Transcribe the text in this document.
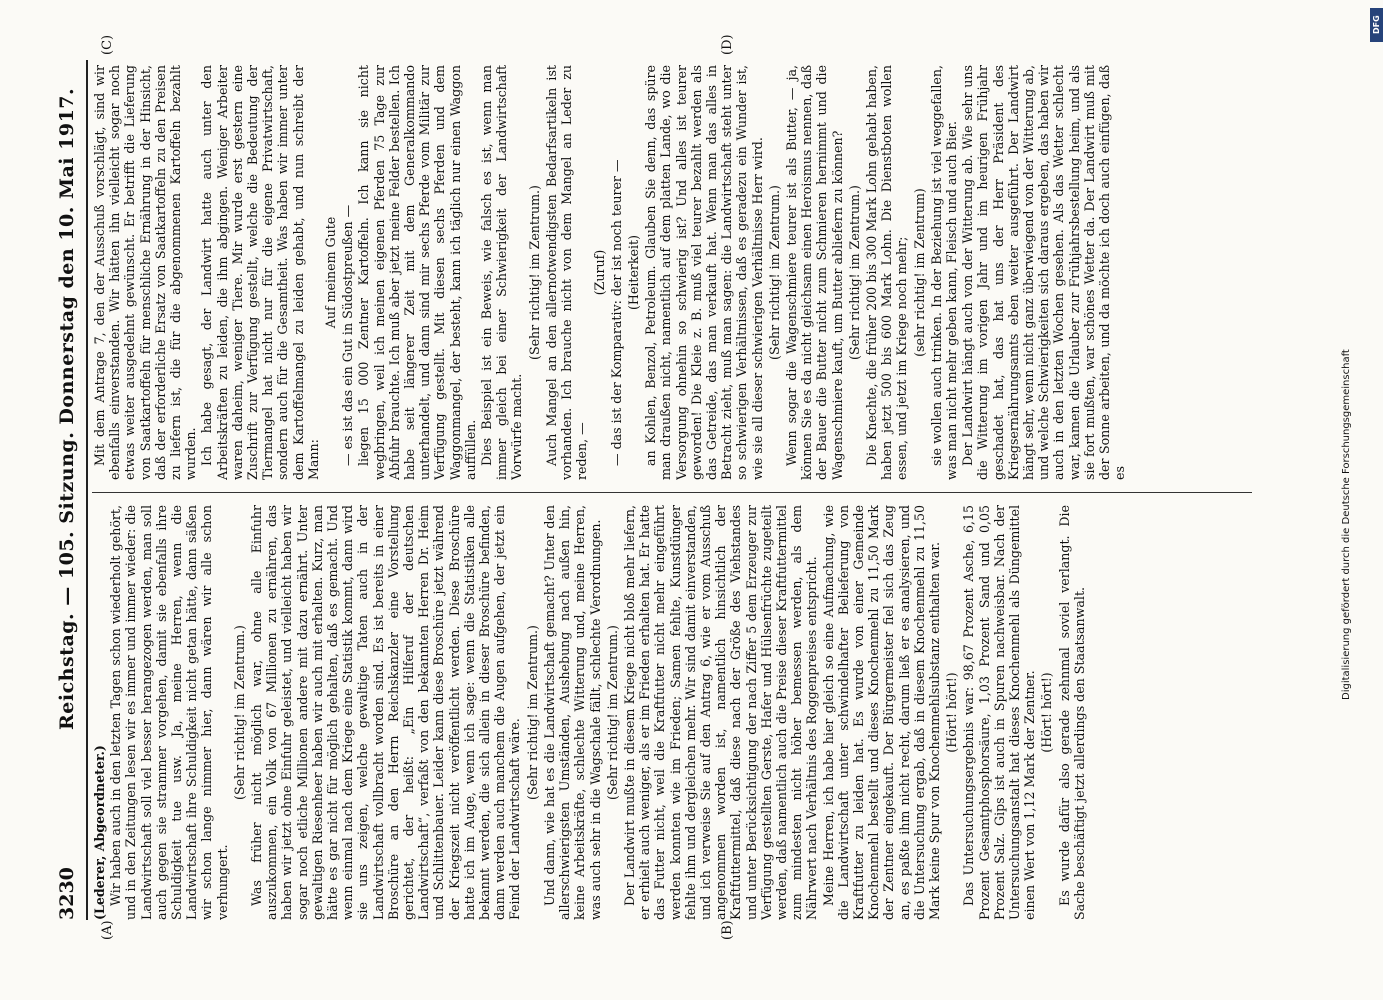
3230
Reichstag. — 105. Sitzung. Donnerstag den 10. Mai 1917.
(A)	(B)
(C)	(D)

(Lederer, Abgeordneter.) Wir haben auch in den letzten Tagen schon wiederholt gehört, und in den Zeitungen lesen wir es immer und immer wieder: die Landwirtschaft soll viel besser herangezogen werden, man soll auch gegen sie strammer vorgehen, damit sie ebenfalls ihre Schuldigkeit tue usw. Ja, meine Herren, wenn die Landwirtschaft ihre Schuldigkeit nicht getan hätte, dann säßen wir schon lange nimmer hier, dann wären wir alle schon verhungert.

(Sehr richtig! im Zentrum.) Was früher nicht möglich war, ohne alle Einfuhr auszukommen, ein Volk von 67 Millionen zu ernähren, das haben wir jetzt ohne Einfuhr geleistet, und vielleicht haben wir sogar noch etliche Millionen andere mit dazu ernährt. Unter gewaltigen Riesenheer haben wir auch mit erhalten. Kurz, man hätte es gar nicht für möglich gehalten, daß es gemacht. Und wenn einmal nach dem Kriege eine Statistik kommt, dann wird sie uns zeigen, welche gewaltige Taten auch in der Landwirtschaft vollbracht worden sind. Es ist bereits in einer Broschüre an den Herrn Reichskanzler eine Vorstellung gerichtet, der heißt: „Ein Hilferuf der deutschen Landwirtschaft“, verfaßt von den bekannten Herren Dr. Heim und Schlittenbauer. Leider kann diese Broschüre jetzt während der Kriegszeit nicht veröffentlicht werden. Diese Broschüre hatte ich im Auge, wenn ich sage: wenn die Statistiken alle bekannt werden, die sich allein in dieser Broschüre befinden, dann werden auch manchem die Augen aufgehen, der jetzt ein Feind der Landwirtschaft wäre.

(Sehr richtig! im Zentrum.) Und dann, wie hat es die Landwirtschaft gemacht? Unter den allerschwierigsten Umständen, Aushebung nach außen hin, keine Arbeitskräfte, schlechte Witterung und, meine Herren, was auch sehr in die Wagschale fällt, schlechte Verordnungen. (Sehr richtig! im Zentrum.) Der Landwirt mußte in diesem Kriege nicht bloß mehr liefern, er erhielt auch weniger, als er im Frieden erhalten hat. Er hatte das Futter nicht, weil die Kraftfutter nicht mehr eingeführt werden konnten wie im Frieden; Samen fehlte, Kunstdünger fehlte ihm und dergleichen mehr. Wir sind damit einverstanden, und ich verweise Sie auf den Antrag 6, wie er vom Ausschuß angenommen worden ist, namentlich hinsichtlich der Kraftfuttermittel, daß diese nach der Größe des Viehstandes und unter Berücksichtigung der nach Ziffer 5 dem Erzeuger zur Verfügung gestellten Gerste, Hafer und Hülsenfrüchte zugeteilt werden, daß namentlich auch die Preise dieser Kraftfuttermittel zum mindesten nicht höher bemessen werden, als dem Nährwert nach Verhältnis des Roggenpreises entspricht. Meine Herren, ich habe hier gleich so eine Aufmachung, wie die Landwirtschaft unter schwindelhafter Belieferung von Kraftfutter zu leiden hat. Es wurde von einer Gemeinde Knochenmehl bestellt und dieses Knochenmehl zu 11,50 Mark der Zentner eingekauft. Der Bürgermeister fiel sich das Zeug an, es paßte ihm nicht recht, darum ließ er es analysieren, und die Untersuchung ergab, daß in diesem Knochenmehl zu 11,50 Mark keine Spur von Knochenmehlsubstanz enthalten war. (Hört! hört!) Das Untersuchungsergebnis war: 98,67 Prozent Asche, 6,15 Prozent Gesamtphosphorsäure, 1,03 Prozent Sand und 0,05 Prozent Salz. Gips ist auch in Spuren nachweisbar. Nach der Untersuchungsanstalt hat dieses Knochenmehl als Düngemittel einen Wert von 1,12 Mark der Zentner. (Hört! hört!) Es wurde dafür also gerade zehnmal soviel verlangt. Die Sache beschäftigt jetzt allerdings den Staatsanwalt.

Mit dem Antrage 7, den der Ausschuß vorschlägt, sind wir ebenfalls einverstanden. Wir hätten ihn vielleicht sogar noch etwas weiter ausgedehnt gewünscht. Er betrifft die Lieferung von Saatkartoffeln für menschliche Ernährung in der Hinsicht, daß der erforderliche Ersatz von Saatkartoffeln zu den Preisen zu liefern ist, die für die abgenommenen Kartoffeln bezahlt wurden. Ich habe gesagt, der Landwirt hatte auch unter den Arbeitskräften zu leiden, die ihm abgingen. Weniger Arbeiter waren daheim, weniger Tiere. Mir wurde erst gestern eine Zuschrift zur Verfügung gestellt, welche die Bedeutung der Tiermangel hat nicht nur für die eigene Privatwirtschaft, sondern auch für die Gesamtheit. Was haben wir immer unter dem Kartoffelmangel zu leiden gehabt, und nun schreibt der Mann:

Auf meinem Gute — es ist das ein Gut in Südostpreußen — liegen 15 000 Zentner Kartoffeln. Ich kann sie nicht wegbringen, weil ich meinen eigenen Pferden 75 Tage zur Abfuhr brauchte. Ich muß aber jetzt meine Felder bestellen. Ich habe seit längerer Zeit mit dem Generalkommando unterhandelt, und dann sind mir sechs Pferde vom Militär zur Verfügung gestellt. Mit diesen sechs Pferden und dem Waggonmangel, der besteht, kann ich täglich nur einen Waggon auffüllen. Dies Beispiel ist ein Beweis, wie falsch es ist, wenn man immer gleich bei einer Schwierigkeit der Landwirtschaft Vorwürfe macht.

(Sehr richtig! im Zentrum.) Auch Mangel an den allernotwendigsten Bedarfsartikeln ist vorhanden. Ich brauche nicht von dem Mangel an Leder zu reden, —

(Zuruf) — das ist der Komparativ: der ist noch teurer — (Heiterkeit) an Kohlen, Benzol, Petroleum. Glauben Sie denn, das spüre man draußen nicht, namentlich auf dem platten Lande, wo die Versorgung ohnehin so schwierig ist? Und alles ist teurer geworden! Die Kleie z. B. muß viel teurer bezahlt werden als das Getreide, das man verkauft hat. Wenn man das alles in Betracht zieht, muß man sagen: die Landwirtschaft steht unter so schwierigen Verhältnissen, daß es geradezu ein Wunder ist, wie sie all dieser schwierigen Verhältnisse Herr wird. (Sehr richtig! im Zentrum.) Wenn sogar die Wagenschmiere teurer ist als Butter, — ja, können Sie es da nicht gleichsam einen Heroismus nennen, daß der Bauer die Butter nicht zum Schmieren hernimmt und die Wagenschmiere kauft, um Butter abliefern zu können? (Sehr richtig! im Zentrum.) Die Knechte, die früher 200 bis 300 Mark Lohn gehabt haben, haben jetzt 500 bis 600 Mark Lohn. Die Dienstboten wollen essen, und jetzt im Kriege noch mehr; (sehr richtig! im Zentrum) sie wollen auch trinken. In der Beziehung ist viel weggefallen, was man nicht mehr geben kann, Fleisch und auch Bier. Der Landwirt hängt auch von der Witterung ab. Wie sehr uns die Witterung im vorigen Jahr und im heurigen Frühjahr geschadet hat, das hat uns der Herr Präsident des Kriegsernährungsamts eben weiter ausgeführt. Der Landwirt hängt sehr, wenn nicht ganz überwiegend von der Witterung ab, und welche Schwierigkeiten sich daraus ergeben, das haben wir auch in den letzten Wochen gesehen. Als das Wetter schlecht war, kamen die Urlauber zur Frühjahrsbestellung heim, und als sie fort mußten, war schönes Wetter da. Der Landwirt muß mit der Sonne arbeiten, und da möchte ich doch auch einfügen, daß es	Digitalisierung gefördert durch die Deutsche Forschungsgemeinschaft
DFG
